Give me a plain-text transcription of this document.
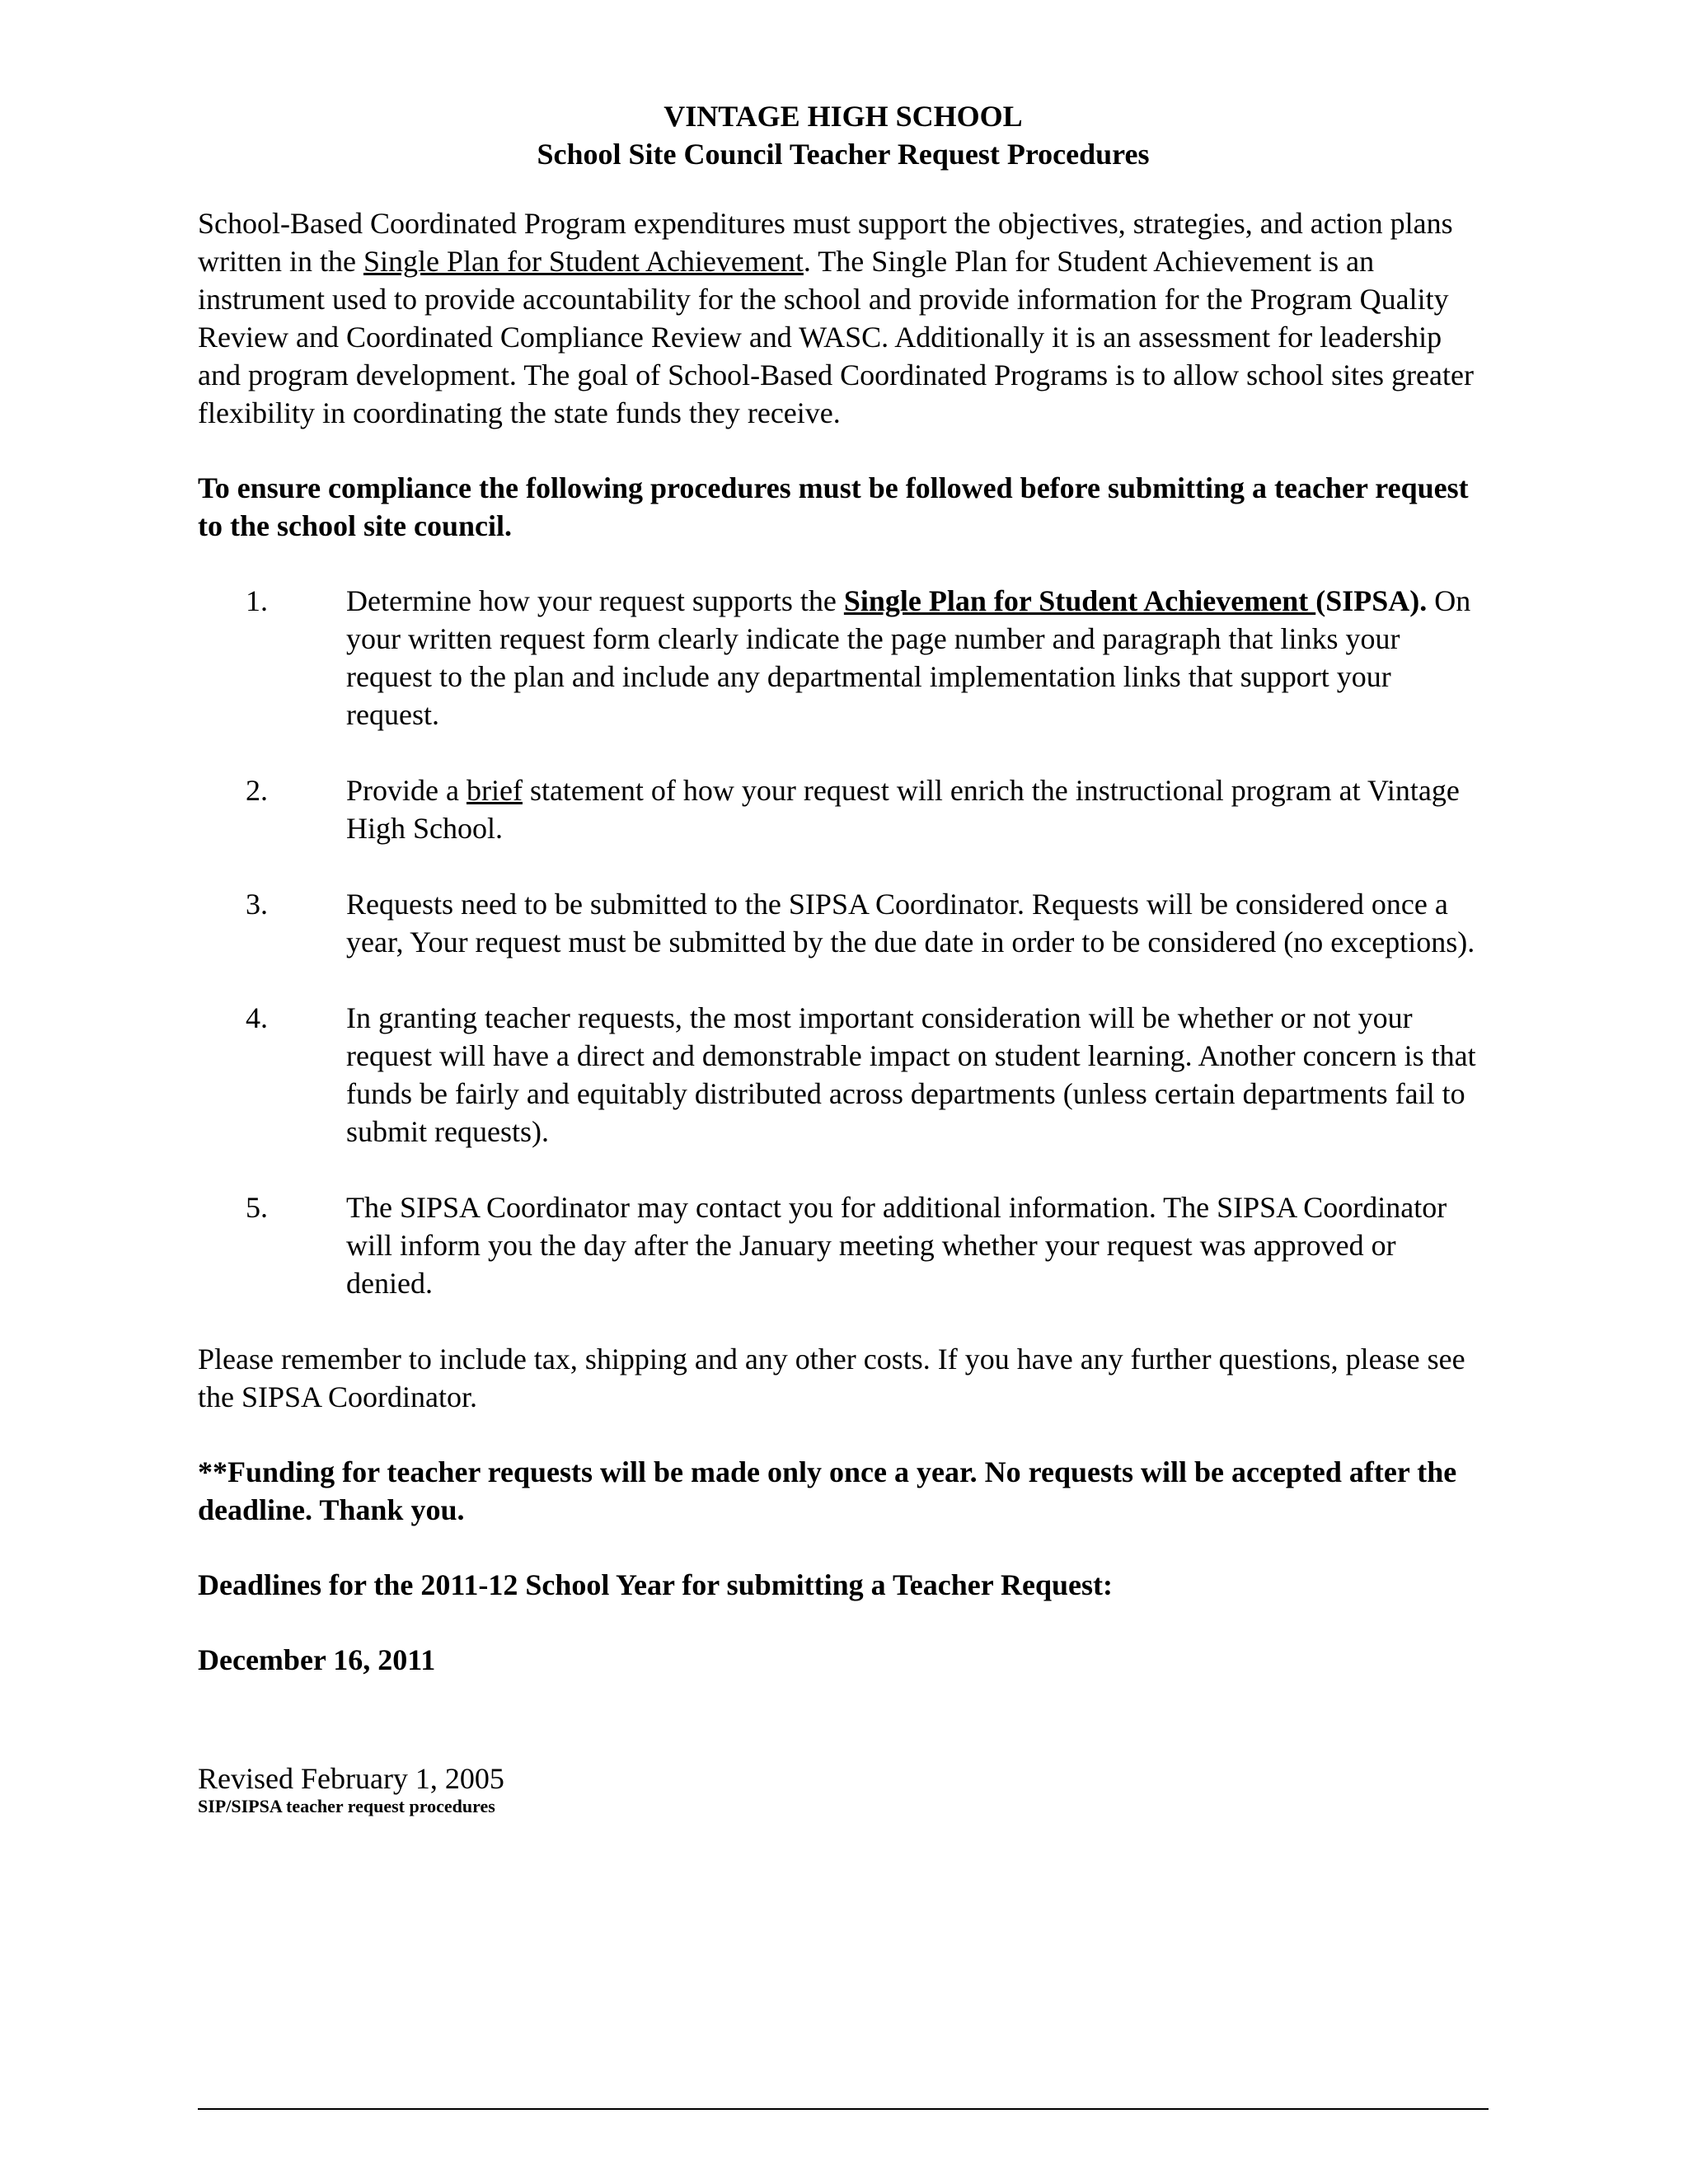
VINTAGE HIGH SCHOOL

School Site Council Teacher Request Procedures

School-Based Coordinated Program expenditures must support the objectives, strategies, and action plans written in the Single Plan for Student Achievement. The Single Plan for Student Achievement is an instrument used to provide accountability for the school and provide information for the Program Quality Review and Coordinated Compliance Review and WASC. Additionally it is an assessment for leadership and program development. The goal of School-Based Coordinated Programs is to allow school sites greater flexibility in coordinating the state funds they receive.

To ensure compliance the following procedures must be followed before submitting a teacher request to the school site council.

1.	Determine how your request supports the Single Plan for Student Achievement (SIPSA). On your written request form clearly indicate the page number and paragraph that links your request to the plan and include any departmental implementation links that support your request.
2.	Provide a brief statement of how your request will enrich the instructional program at Vintage High School.
3.	Requests need to be submitted to the SIPSA Coordinator. Requests will be considered once a year, Your request must be submitted by the due date in order to be considered (no exceptions).
4.	In granting teacher requests, the most important consideration will be whether or not your request will have a direct and demonstrable impact on student learning. Another concern is that funds be fairly and equitably distributed across departments (unless certain departments fail to submit requests).
5.	The SIPSA Coordinator may contact you for additional information. The SIPSA Coordinator will inform you the day after the January meeting whether your request was approved or denied.

Please remember to include tax, shipping and any other costs. If you have any further questions, please see the SIPSA Coordinator.

**Funding for teacher requests will be made only once a year. No requests will be accepted after the deadline. Thank you.

Deadlines for the 2011-12 School Year for submitting a Teacher Request:

December 16, 2011

Revised February 1, 2005

SIP/SIPSA teacher request procedures
